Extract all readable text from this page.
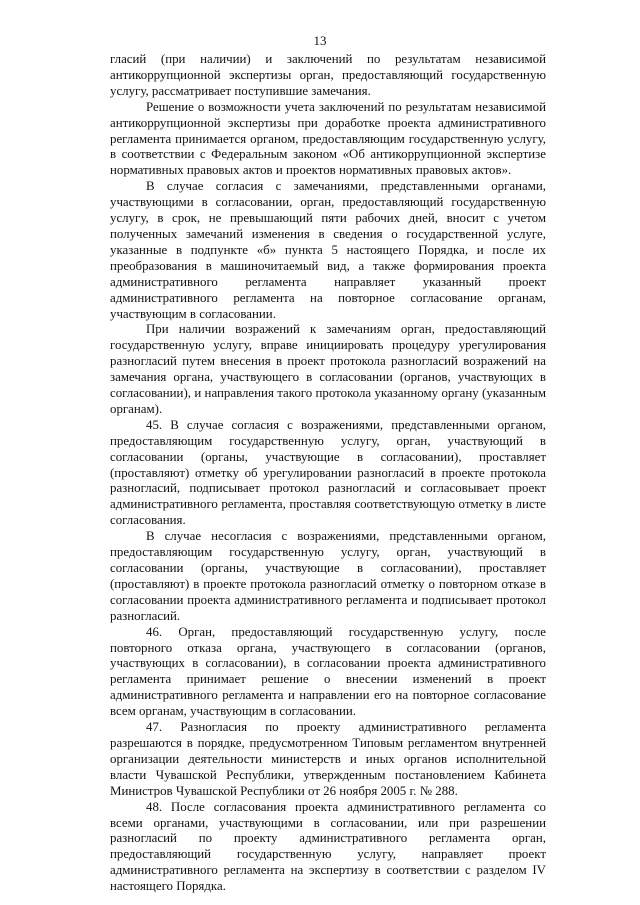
13

гласий (при наличии) и заключений по результатам независимой антикоррупционной экспертизы орган, предоставляющий государственную услугу, рассматривает поступившие замечания.

Решение о возможности учета заключений по результатам независимой антикоррупционной экспертизы при доработке проекта административного регламента принимается органом, предоставляющим государственную услугу, в соответствии с Федеральным законом «Об антикоррупционной экспертизе нормативных правовых актов и проектов нормативных правовых актов».

В случае согласия с замечаниями, представленными органами, участвующими в согласовании, орган, предоставляющий государственную услугу, в срок, не превышающий пяти рабочих дней, вносит с учетом полученных замечаний изменения в сведения о государственной услуге, указанные в подпункте «б» пункта 5 настоящего Порядка, и после их преобразования в машиночитаемый вид, а также формирования проекта административного регламента направляет указанный проект административного регламента на повторное согласование органам, участвующим в согласовании.

При наличии возражений к замечаниям орган, предоставляющий государственную услугу, вправе инициировать процедуру урегулирования разногласий путем внесения в проект протокола разногласий возражений на замечания органа, участвующего в согласовании (органов, участвующих в согласовании), и направления такого протокола указанному органу (указанным органам).

45. В случае согласия с возражениями, представленными органом, предоставляющим государственную услугу, орган, участвующий в согласовании (органы, участвующие в согласовании), проставляет (проставляют) отметку об урегулировании разногласий в проекте протокола разногласий, подписывает протокол разногласий и согласовывает проект административного регламента, проставляя соответствующую отметку в листе согласования.

В случае несогласия с возражениями, представленными органом, предоставляющим государственную услугу, орган, участвующий в согласовании (органы, участвующие в согласовании), проставляет (проставляют) в проекте протокола разногласий отметку о повторном отказе в согласовании проекта административного регламента и подписывает протокол разногласий.

46. Орган, предоставляющий государственную услугу, после повторного отказа органа, участвующего в согласовании (органов, участвующих в согласовании), в согласовании проекта административного регламента принимает решение о внесении изменений в проект административного регламента и направлении его на повторное согласование всем органам, участвующим в согласовании.

47. Разногласия по проекту административного регламента разрешаются в порядке, предусмотренном Типовым регламентом внутренней организации деятельности министерств и иных органов исполнительной власти Чувашской Республики, утвержденным постановлением Кабинета Министров Чувашской Республики от 26 ноября 2005 г. № 288.

48. После согласования проекта административного регламента со всеми органами, участвующими в согласовании, или при разрешении разногласий по проекту административного регламента орган, предоставляющий государственную услугу, направляет проект административного регламента на экспертизу в соответствии с разделом IV настоящего Порядка.
